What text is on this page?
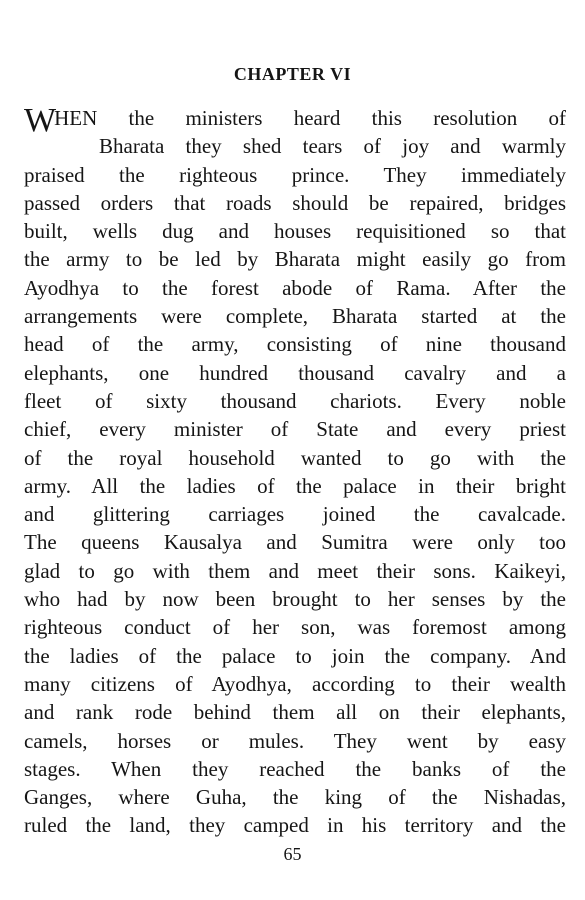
CHAPTER VI
WHEN the ministers heard this resolution of
Bharata they shed tears of joy and warmly
praised the righteous prince. They immediately
passed orders that roads should be repaired, bridges
built, wells dug and houses requisitioned so that
the army to be led by Bharata might easily go from
Ayodhya to the forest abode of Rama. After the
arrangements were complete, Bharata started at the
head of the army, consisting of nine thousand
elephants, one hundred thousand cavalry and a
fleet of sixty thousand chariots. Every noble
chief, every minister of State and every priest
of the royal household wanted to go with the
army. All the ladies of the palace in their bright
and glittering carriages joined the cavalcade.
The queens Kausalya and Sumitra were only too
glad to go with them and meet their sons. Kaikeyi,
who had by now been brought to her senses by the
righteous conduct of her son, was foremost among
the ladies of the palace to join the company. And
many citizens of Ayodhya, according to their wealth
and rank rode behind them all on their elephants,
camels, horses or mules. They went by easy
stages. When they reached the banks of the
Ganges, where Guha, the king of the Nishadas,
ruled the land, they camped in his territory and the
65
